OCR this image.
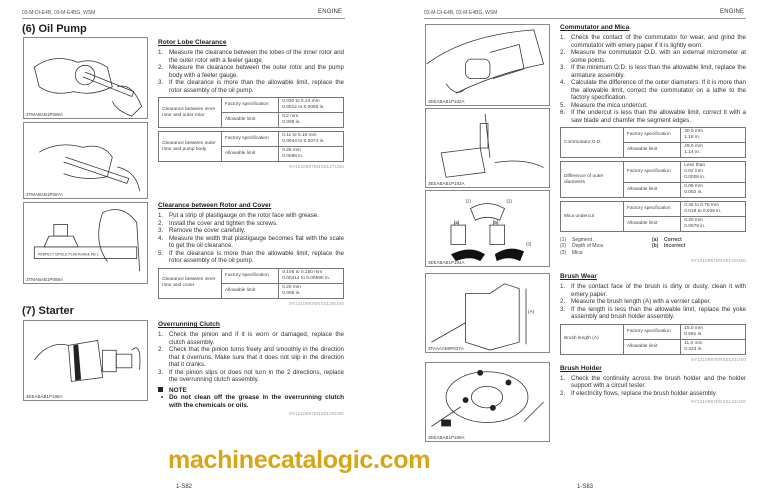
03-M-DI-E4B, 03-M-E4BG, WSM	ENGINE
(6) Oil Pump
3TMABAB1P086A
3TMABAB1P087A
PERFECT CIRCLE PLASTIGAGE PB-1
3TMABAB1P088A
Rotor Lobe Clearance
1. Measure the clearance between the lobes of the inner rotor and the outer rotor with a feeler gauge.
2. Measure the clearance between the outer rotor and the pump body with a feeler gauge.
3. If the clearance is more than the allowable limit, replace the rotor assembly of the oil pump.
Clearance between inner rotor and outer rotor	Factory specification	0.030 to 0.14 mm
0.0012 to 0.0055 in.
	Allowable limit	0.2 mm
0.008 in.
Clearance between outer rotor and pump body	Factory specification	0.11 to 0.19 mm
0.0044 to 0.0074 in.
	Allowable limit	0.25 mm
0.0098 in.
9Y1210967ENS0127US0
Clearance between Rotor and Cover
1. Put a strip of plastigauge on the rotor face with grease.
2. Install the cover and tighten the screws.
3. Remove the cover carefully.
4. Measure the width that plastigauge becomes flat with the scale to get the oil clearance.
5. If the clearance is more than the allowable limit, replace the rotor assembly of the oil pump.
Clearance between inner rotor and cover	Factory specification	0.105 to 0.150 mm
0.00414 to 0.00590 in.
	Allowable limit	0.20 mm
0.008 in.
9Y1210967ENS0128US0
(7) Starter
3EEABAB1P188A
Overrunning Clutch
1. Check the pinion and if it is worn or damaged, replace the clutch assembly.
2. Check that the pinion turns freely and smoothly in the direction that it overruns. Make sure that it does not slip in the direction that it cranks.
3. If the pinion slips or does not turn in the 2 directions, replace the overrunning clutch assembly.
NOTE
• Do not clean off the grease in the overrunning clutch with the chemicals or oils.
9Y1210967ENS0129US0
1-S82
03-M-DI-E4B, 03-M-E4BG, WSM	ENGINE
3EEABAB1P182A
3EEABAB1P183A
(1)	(2)
(a)	(b)
(3)
3EEABAB1P184A
(A)
3TAAAAB9P037A
3EEABAB1P189A
Commutator and Mica
1. Check the contact of the commutator for wear, and grind the commutator with emery paper if it is lightly worn.
2. Measure the commutator O.D. with an external micrometer at some points.
3. If the minimum O.D. is less than the allowable limit, replace the armature assembly.
4. Calculate the difference of the outer diameters. If it is more than the allowable limit, correct the commutator on a lathe to the factory specification.
5. Measure the mica undercut.
6. If the undercut is less than the allowable limit, correct it with a saw blade and chamfer the segment edges.
Commutator O.D.	Factory specification	30.0 mm
1.18 in.
	Allowable limit	29.0 mm
1.14 in.
Difference of outer diameters	Factory specification	Less than
0.02 mm
0.0008 in.
	Allowable limit	0.05 mm
0.002 in.
Mica undercut	Factory specification	0.45 to 0.75 mm
0.018 to 0.029 in.
	Allowable limit	0.20 mm
0.0079 in.
(1) Segment
(2) Depth of Mica
(3) Mica
(a) Correct
(b) Incorrect
9Y1210967ENS0130US0
Brush Wear
1. If the contact face of the brush is dirty or dusty, clean it with emery paper.
2. Measure the brush length (A) with a vernier caliper.
3. If the length is less than the allowable limit, replace the yoke assembly and brush holder assembly.
Brush length (A)	Factory specification	15.0 mm
0.591 in.
	Allowable limit	11.0 mm
0.433 in.
9Y1210967ENS0131US0
Brush Holder
1. Check the continuity across the brush holder and the holder support with a circuit tester.
2. If electricity flows, replace the brush holder assembly.
9Y1210967ENS0132US0
1-S83
machinecatalogic.com
